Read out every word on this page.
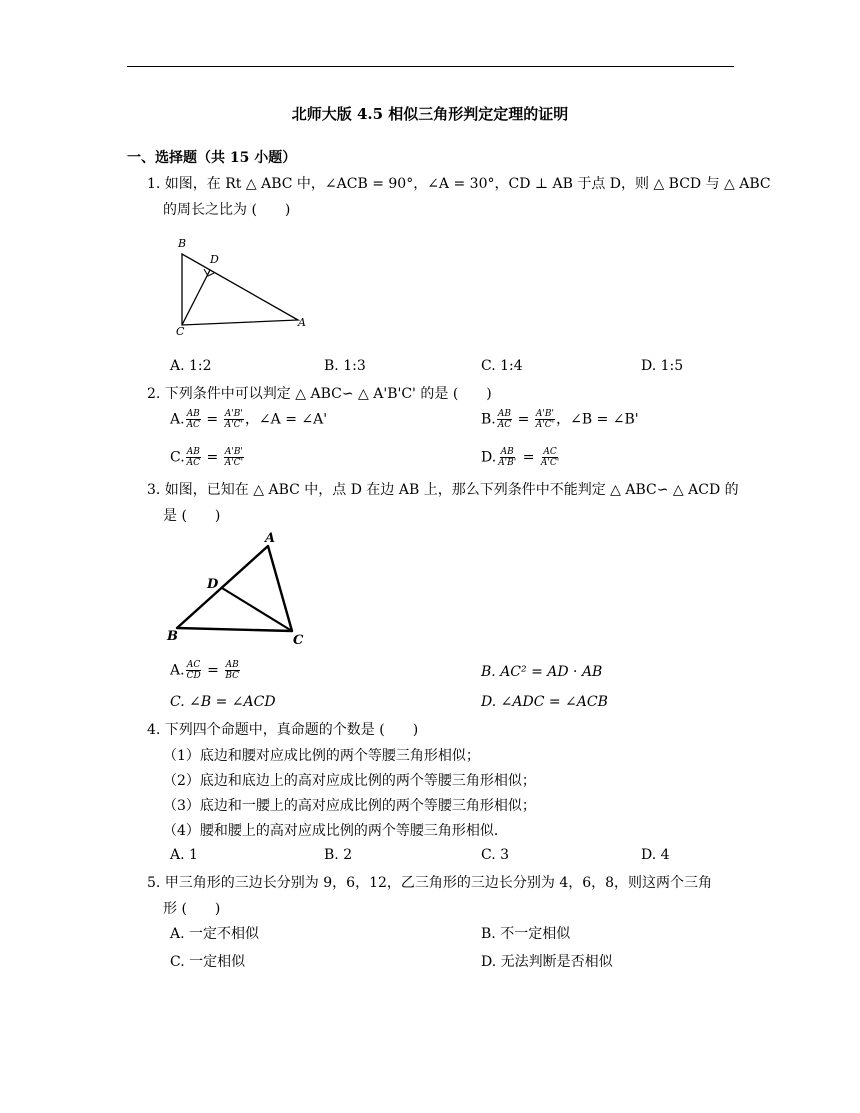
北师大版 4.5 相似三角形判定定理的证明
一、选择题（共 15 小题）
1. 如图，在 Rt △ ABC 中，∠ACB = 90°，∠A = 30°，CD ⊥ AB 于点 D，则 △ BCD 与 △ ABC
的周长之比为 (　　)
B
D
C
A
A. 1:2	B. 1:3	C. 1:4	D. 1:5
2. 下列条件中可以判定 △ ABC∽ △ A'B'C' 的是 (　　)
A. $\frac{AB}{AC} = \frac{A'B'}{A'C'}$ ，∠A = ∠A'	B. $\frac{AB}{AC} = \frac{A'B'}{A'C'}$ ，∠B = ∠B'
C. $\frac{AB}{AC} = \frac{A'B'}{A'C'}$	D. $\frac{AB}{A'B'} = \frac{AC}{A'C'}$
3. 如图，已知在 △ ABC 中，点 D 在边 AB 上，那么下列条件中不能判定 △ ABC∽ △ ACD 的
是 (　　)
A
D
B	C
A. $\frac{AC}{CD} = \frac{AB}{BC}$	B. AC² = AD · AB
C. ∠B = ∠ACD	D. ∠ADC = ∠ACB
4. 下列四个命题中，真命题的个数是 (　　)
（1）底边和腰对应成比例的两个等腰三角形相似；
（2）底边和底边上的高对应成比例的两个等腰三角形相似；
（3）底边和一腰上的高对应成比例的两个等腰三角形相似；
（4）腰和腰上的高对应成比例的两个等腰三角形相似．
A. 1	B. 2	C. 3	D. 4
5. 甲三角形的三边长分别为 9，6，12，乙三角形的三边长分别为 4，6，8，则这两个三角
形 (　　)
A. 一定不相似	B. 不一定相似
C. 一定相似	D. 无法判断是否相似
